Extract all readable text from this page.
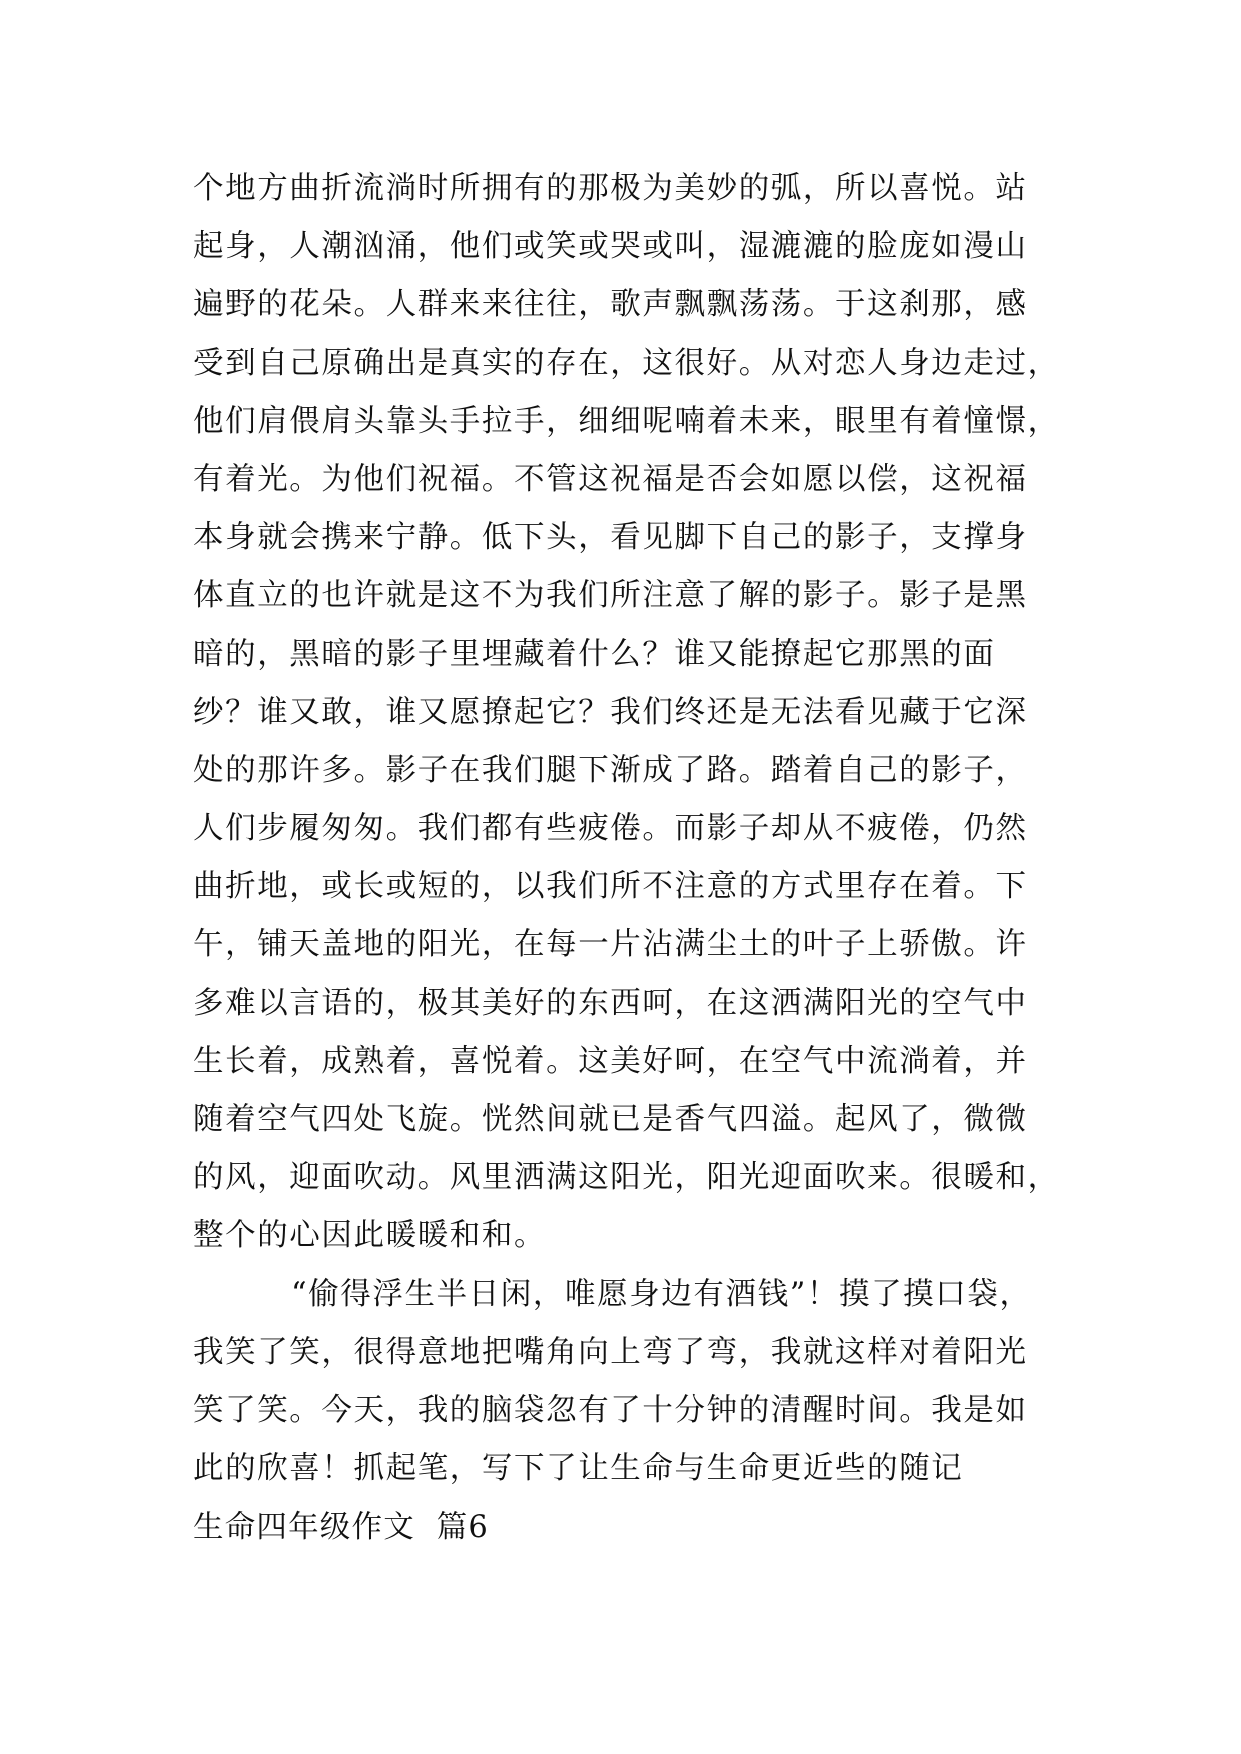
个地方曲折流淌时所拥有的那极为美妙的弧，所以喜悦。站
起身，人潮汹涌，他们或笑或哭或叫，湿漉漉的脸庞如漫山
遍野的花朵。人群来来往往，歌声飘飘荡荡。于这刹那，感
受到自己原确出是真实的存在，这很好。从对恋人身边走过，
他们肩偎肩头靠头手拉手，细细呢喃着未来，眼里有着憧憬，
有着光。为他们祝福。不管这祝福是否会如愿以偿，这祝福
本身就会携来宁静。低下头，看见脚下自己的影子，支撑身
体直立的也许就是这不为我们所注意了解的影子。影子是黑
暗的，黑暗的影子里埋藏着什么？谁又能撩起它那黑的面
纱？谁又敢，谁又愿撩起它？我们终还是无法看见藏于它深
处的那许多。影子在我们腿下渐成了路。踏着自己的影子，
人们步履匆匆。我们都有些疲倦。而影子却从不疲倦，仍然
曲折地，或长或短的，以我们所不注意的方式里存在着。下
午，铺天盖地的阳光，在每一片沾满尘土的叶子上骄傲。许
多难以言语的，极其美好的东西呵，在这洒满阳光的空气中
生长着，成熟着，喜悦着。这美好呵，在空气中流淌着，并
随着空气四处飞旋。恍然间就已是香气四溢。起风了，微微
的风，迎面吹动。风里洒满这阳光，阳光迎面吹来。很暖和，
整个的心因此暖暖和和。
“偷得浮生半日闲，唯愿身边有酒钱”！摸了摸口袋，
我笑了笑，很得意地把嘴角向上弯了弯，我就这样对着阳光
笑了笑。今天，我的脑袋忽有了十分钟的清醒时间。我是如
此的欣喜！抓起笔，写下了让生命与生命更近些的随记
生命四年级作文  篇6
